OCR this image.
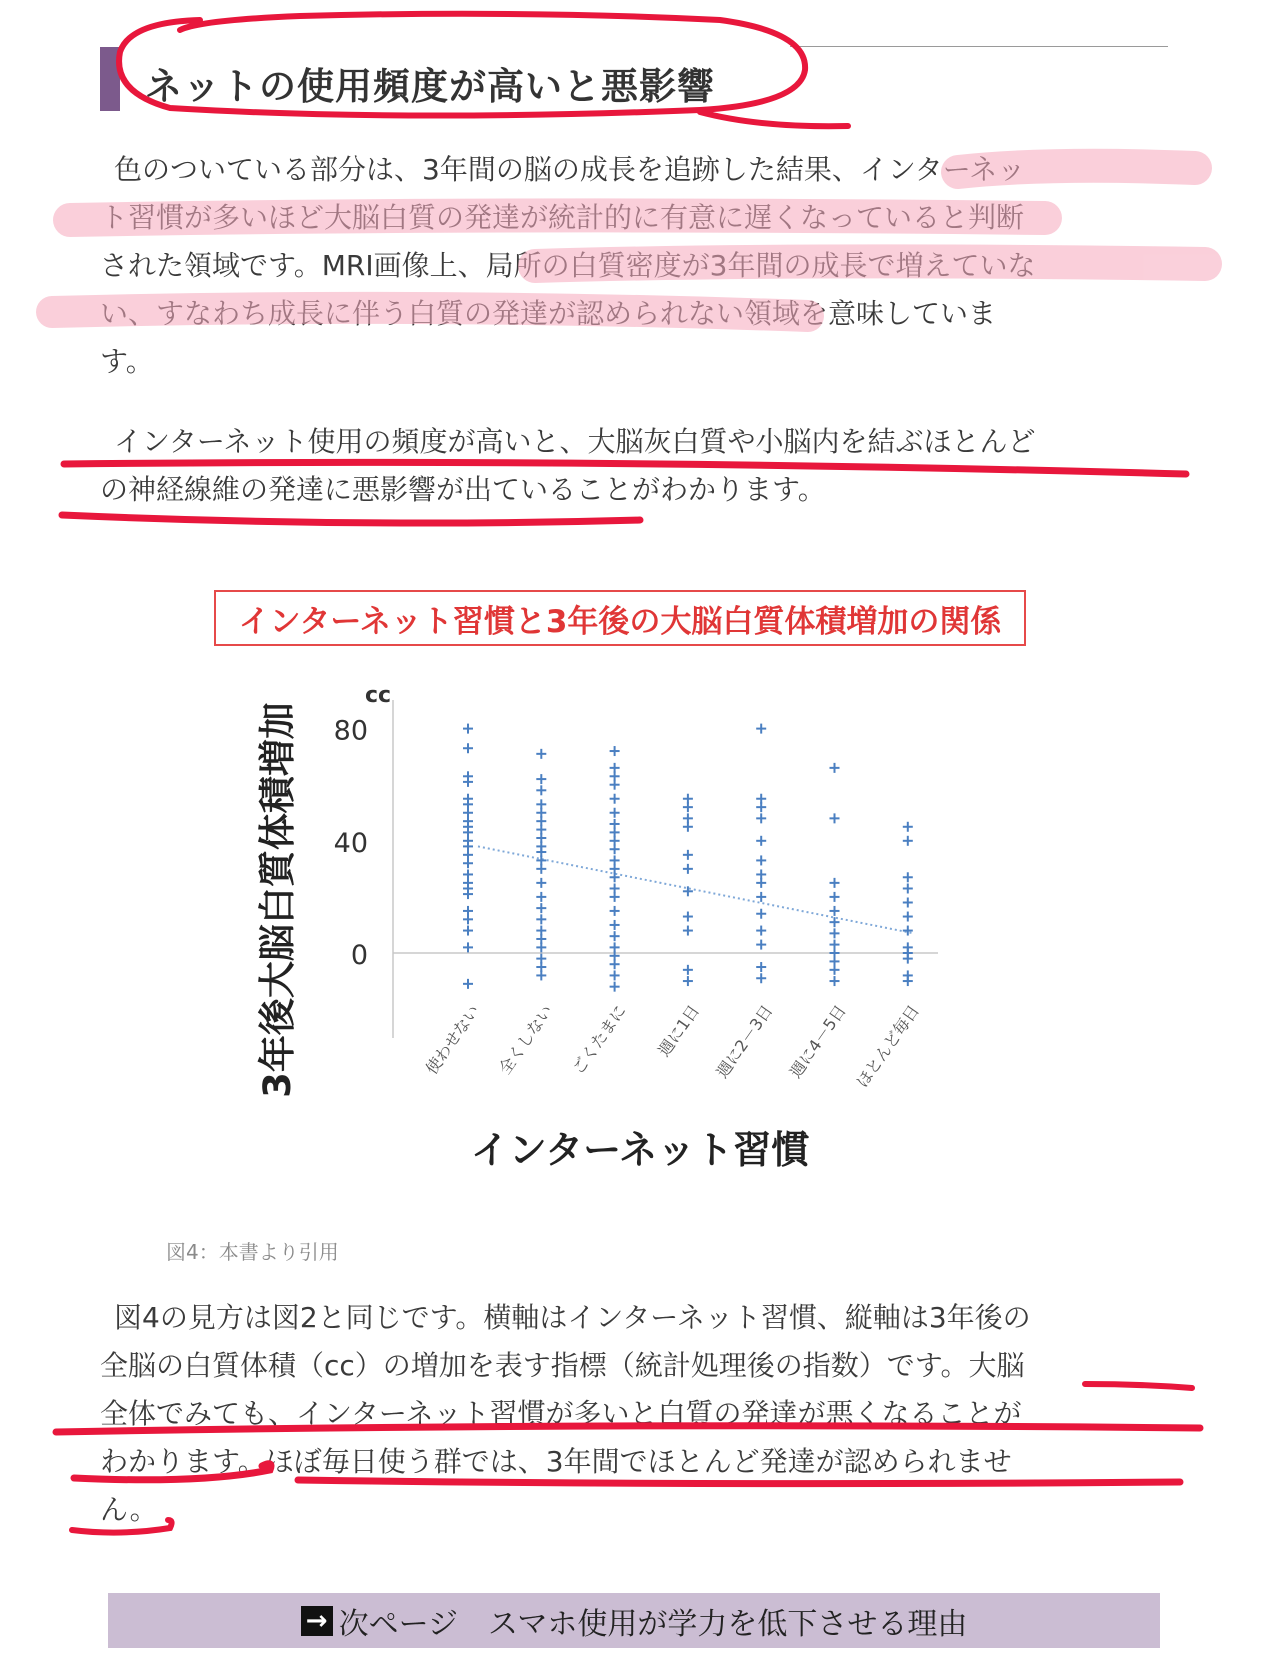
ネットの使用頻度が高いと悪影響
色のついている部分は、3年間の脳の成長を追跡した結果、インターネッ
ト習慣が多いほど大脳白質の発達が統計的に有意に遅くなっていると判断
された領域です。MRI画像上、局所の白質密度が3年間の成長で増えていな
い、すなわち成長に伴う白質の発達が認められない領域を意味していま
す。
インターネット使用の頻度が高いと、大脳灰白質や小脳内を結ぶほとんど
の神経線維の発達に悪影響が出ていることがわかります。
インターネット習慣と3年後の大脳白質体積増加の関係
80
40
0
cc
3年後大脳白質体積増加
インターネット習慣
使わせない 全くしない ごくたまに 週に1日 週に2－3日 週に4－5日 ほとんど毎日
図4：本書より引用
図4の見方は図2と同じです。横軸はインターネット習慣、縦軸は3年後の
全脳の白質体積（cc）の増加を表す指標（統計処理後の指数）です。大脳
全体でみても、インターネット習慣が多いと白質の発達が悪くなることが
わかります。ほぼ毎日使う群では、3年間でほとんど発達が認められませ
ん。
→ 次ページ　スマホ使用が学力を低下させる理由
